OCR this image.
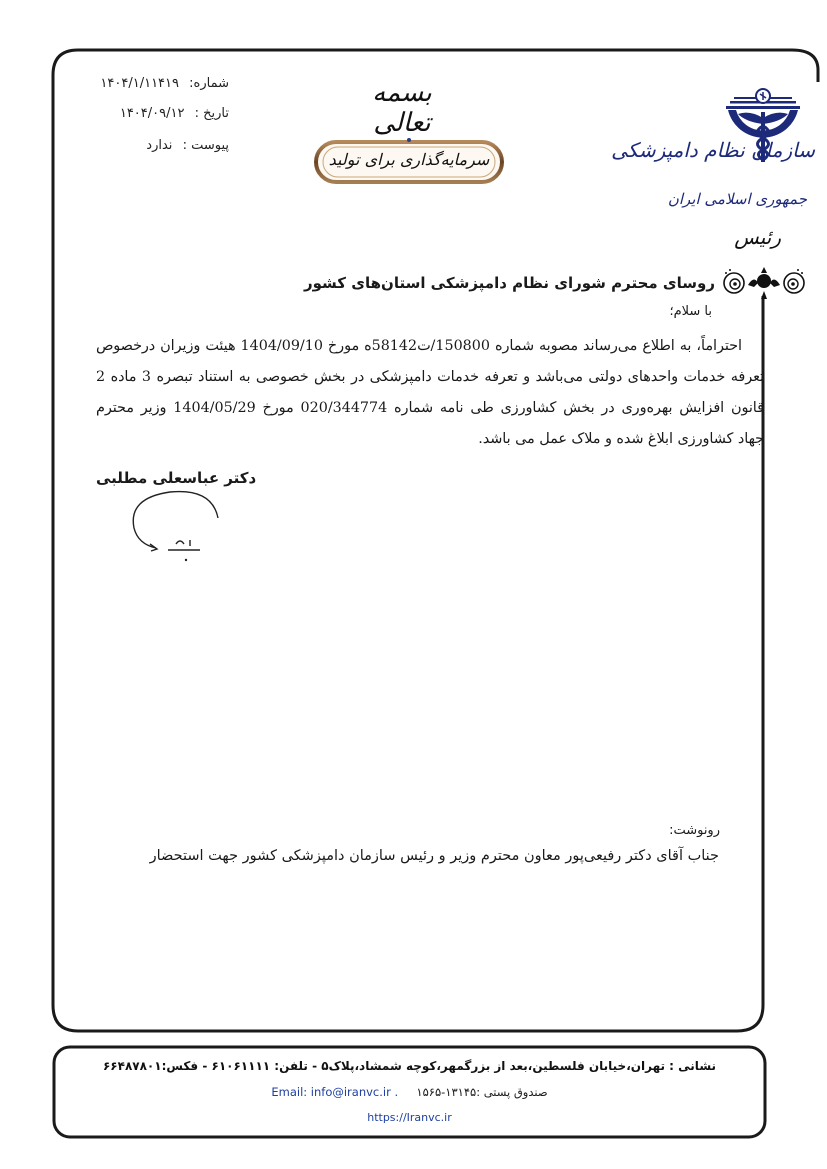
شماره: ۱۴۰۴/۱/۱۱۴۱۹
تاریخ : ۱۴۰۴/۰۹/۱۲
پیوست : ندارد
بسمه تعالی
سرمایه‌گذاری برای تولید	سازمان نظام دامپزشکی
جمهوری اسلامی ایران
رئیس
روسای محترم شورای نظام دامپزشکی استان‌های کشور
با سلام؛

احتراماً، به اطلاع می‌رساند مصوبه شماره 150800/ت58142ه مورخ 1404/09/10 هیئت وزیران درخصوص تعرفه خدمات واحدهای دولتی می‌باشد و تعرفه خدمات دامپزشکی در بخش خصوصی به استناد تبصره 3 ماده 2 قانون افزایش بهره‌وری در بخش کشاورزی طی نامه شماره 020/344774 مورخ 1404/05/29 وزیر محترم جهاد کشاورزی ابلاغ شده و ملاک عمل می باشد.

دکتر عباسعلی مطلبی
رونوشت:
جناب آقای دکتر رفیعی‌پور معاون محترم وزیر و رئیس سازمان دامپزشکی کشور جهت استحضار
نشانی : تهران،خیابان فلسطین،بعد از بزرگمهر،کوچه شمشاد،پلاک۵ - تلفن: ۶۱۰۶۱۱۱۱ - فکس:۶۶۴۸۷۸۰۱
Email: info@iranvc.ir . صندوق پستی :۱۳۱۴۵-۱۵۶۵
https://Iranvc.ir
